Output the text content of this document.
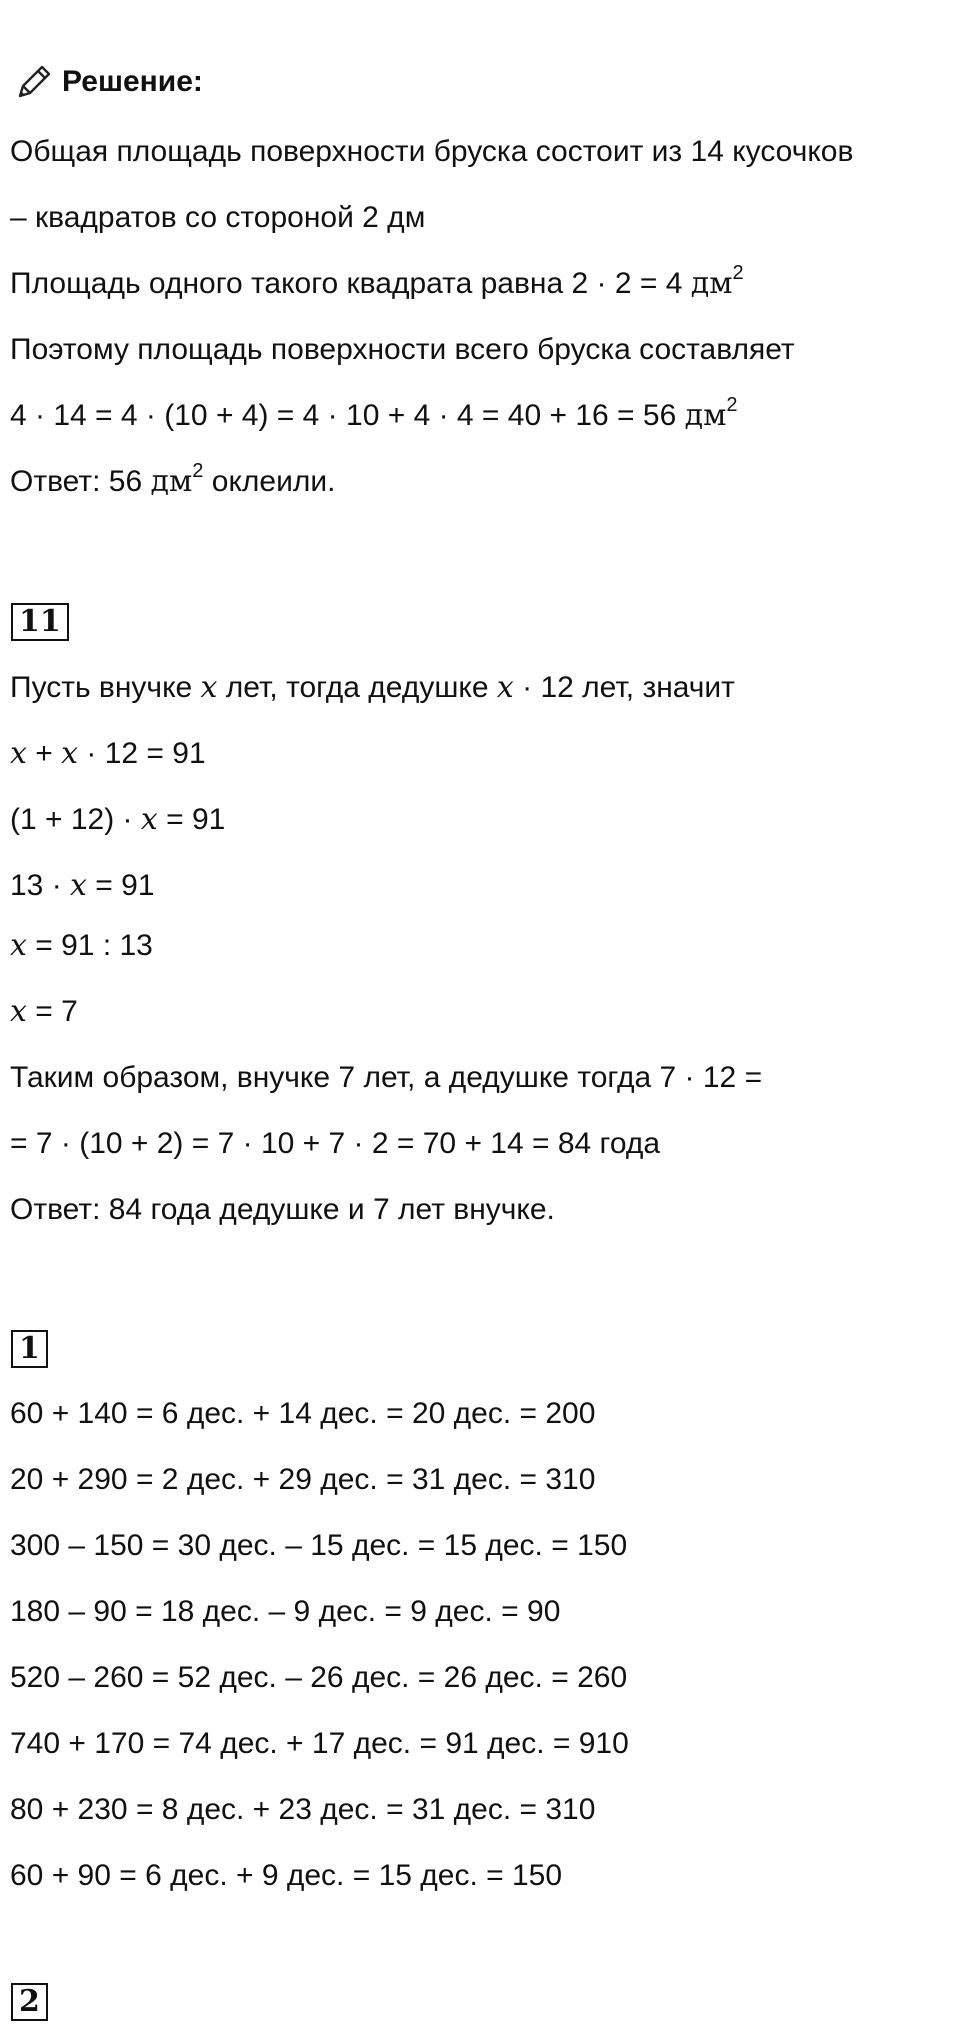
Решение:
Общая площадь поверхности бруска состоит из 14 кусочков
– квадратов со стороной 2 дм
Площадь одного такого квадрата равна 2 · 2 = 4 $дм^2$
Поэтому площадь поверхности всего бруска составляет
4 · 14 = 4 · (10 + 4) = 4 · 10 + 4 · 4 = 40 + 16 = 56 $дм^2$
Ответ: 56 $дм^2$ оклеили.
11
Пусть внучке x лет, тогда дедушке x · 12 лет, значит
x + x · 12 = 91
(1 + 12) · x = 91
13 · x = 91
x = 91 : 13
x = 7
Таким образом, внучке 7 лет, а дедушке тогда 7 · 12 =
= 7 · (10 + 2) = 7 · 10 + 7 · 2 = 70 + 14 = 84 года
Ответ: 84 года дедушке и 7 лет внучке.
1
60 + 140 = 6 дес. + 14 дес. = 20 дес. = 200
20 + 290 = 2 дес. + 29 дес. = 31 дес. = 310
300 – 150 = 30 дес. – 15 дес. = 15 дес. = 150
180 – 90 = 18 дес. – 9 дес. = 9 дес. = 90
520 – 260 = 52 дес. – 26 дес. = 26 дес. = 260
740 + 170 = 74 дес. + 17 дес. = 91 дес. = 910
80 + 230 = 8 дес. + 23 дес. = 31 дес. = 310
60 + 90 = 6 дес. + 9 дес. = 15 дес. = 150
2
